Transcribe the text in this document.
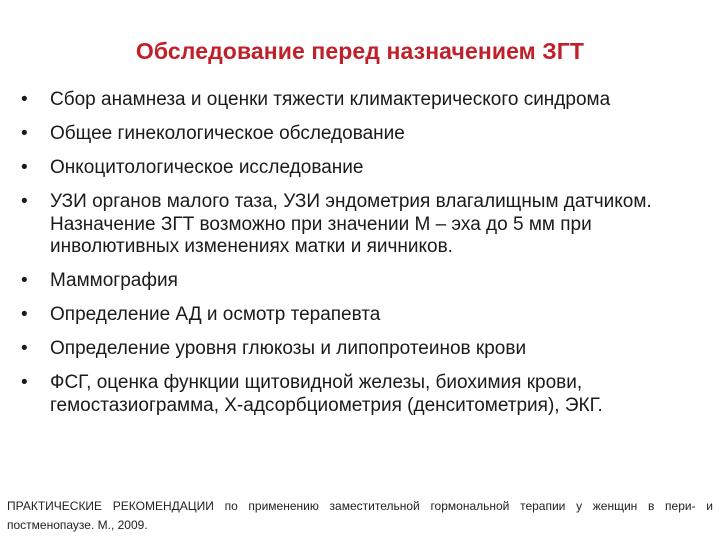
Обследование перед назначением ЗГТ
• Сбор анамнеза и оценки тяжести климактерического синдрома
• Общее гинекологическое обследование
• Онкоцитологическое исследование
• УЗИ органов малого таза, УЗИ эндометрия влагалищным датчиком. Назначение ЗГТ возможно при значении М – эха до 5 мм при инволютивных изменениях матки и яичников.
• Маммография
• Определение АД и осмотр терапевта
• Определение уровня глюкозы и липопротеинов крови
• ФСГ, оценка функции щитовидной железы, биохимия крови, гемостазиограмма, Х-адсорбциометрия (денситометрия), ЭКГ.
ПРАКТИЧЕСКИЕ РЕКОМЕНДАЦИИ по применению заместительной гормональной терапии у женщин в пери- и постменопаузе. М., 2009.
